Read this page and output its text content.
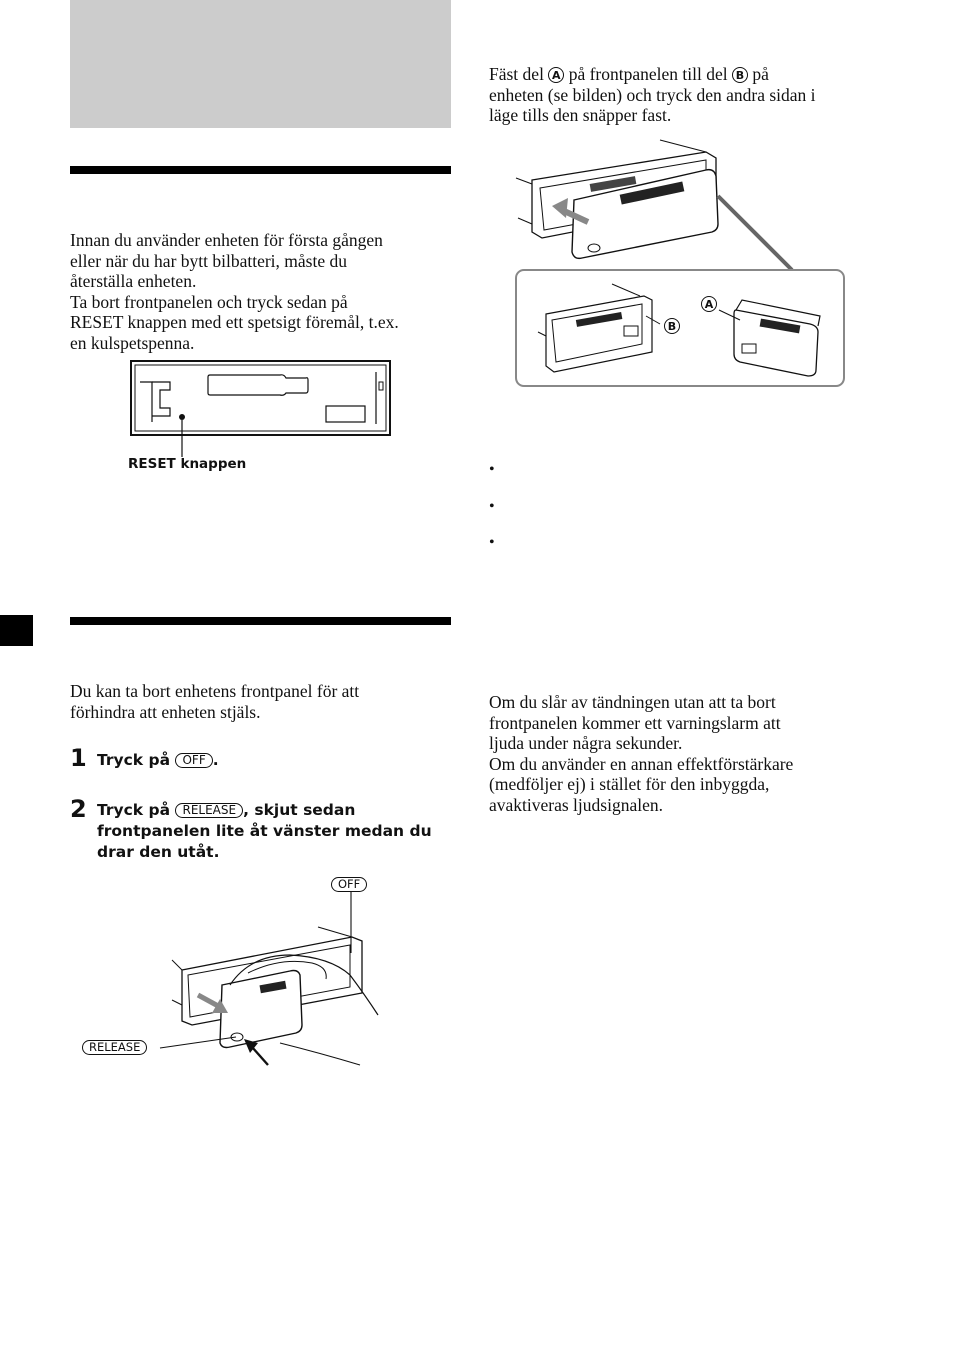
Innan du använder enheten för första gången
eller när du har bytt bilbatteri, måste du
återställa enheten.
Ta bort frontpanelen och tryck sedan på
RESET knappen med ett spetsigt föremål, t.ex.
en kulspetspenna.
RESET knappen
Du kan ta bort enhetens frontpanel för att
förhindra att enheten stjäls.
1 Tryck på OFF .
2 Tryck på RELEASE , skjut sedan
frontpanelen lite åt vänster medan du
drar den utåt.
OFF
RELEASE
Fäst del A på frontpanelen till del B på
enheten (se bilden) och tryck den andra sidan i
läge tills den snäpper fast.
A
B
•
•
•
Om du slår av tändningen utan att ta bort
frontpanelen kommer ett varningslarm att
ljuda under några sekunder.
Om du använder en annan effektförstärkare
(medföljer ej) i stället för den inbyggda,
avaktiveras ljudsignalen.
